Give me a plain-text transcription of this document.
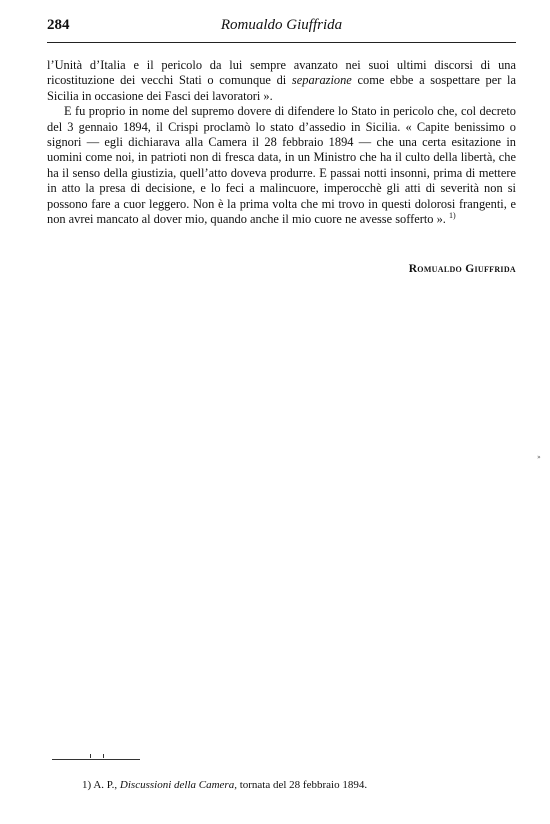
284	Romualdo Giuffrida

l’Unità d’Italia e il pericolo da lui sempre avanzato nei suoi ultimi discorsi di una ricostituzione dei vecchi Stati o comunque di separazione come ebbe a sospettare per la Sicilia in occasione dei Fasci dei lavoratori ».

E fu proprio in nome del supremo dovere di difendere lo Stato in pericolo che, col decreto del 3 gennaio 1894, il Crispi proclamò lo stato d’assedio in Sicilia. « Capite benissimo o signori — egli dichiarava alla Camera il 28 febbraio 1894 — che una certa esitazione in uomini come noi, in patrioti non di fresca data, in un Ministro che ha il culto della libertà, che ha il senso della giustizia, quell’atto doveva produrre. E passai notti insonni, prima di mettere in atto la presa di decisione, e lo feci a malincuore, imperocchè gli atti di severità non si possono fare a cuor leggero. Non è la prima volta che mi trovo in questi dolorosi frangenti, e non avrei mancato al dover mio, quando anche il mio cuore ne avesse sofferto ». $^{1)}$

Romualdo Giuffrida
»
1) A. P., Discussioni della Camera, tornata del 28 febbraio 1894.
